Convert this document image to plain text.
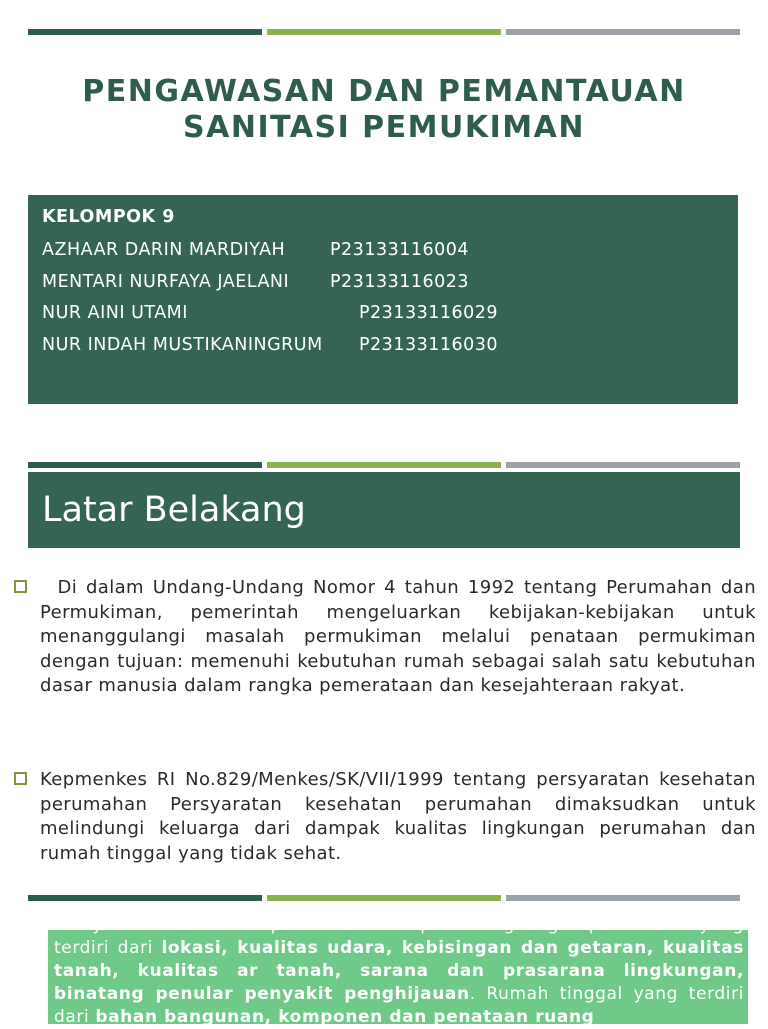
PENGAWASAN DAN PEMANTAUAN
SANITASI PEMUKIMAN
KELOMPOK 9
AZHAAR DARIN MARDIYAH	P23133116004
MENTARI NURFAYA JAELANI P23133116023
NUR AINI UTAMI	P23133116029
NUR INDAH MUSTIKANINGRUM P23133116030
Latar Belakang
Di dalam Undang-Undang Nomor 4 tahun 1992 tentang Perumahan dan Permukiman, pemerintah mengeluarkan kebijakan-kebijakan untuk menanggulangi masalah permukiman melalui penataan permukiman dengan tujuan: memenuhi kebutuhan rumah sebagai salah satu kebutuhan dasar manusia dalam rangka pemerataan dan kesejahteraan rakyat.
Kepmenkes RI No.829/Menkes/SK/VII/1999 tentang persyaratan kesehatan perumahan Persyaratan kesehatan perumahan dimaksudkan untuk melindungi keluarga dari dampak kualitas lingkungan perumahan dan rumah tinggal yang tidak sehat.
Persyaratan kesehatan perumahan meliputi : Lingkungan perumahan yang terdiri dari lokasi, kualitas udara, kebisingan dan getaran, kualitas tanah, kualitas ar tanah, sarana dan prasarana lingkungan, binatang penular penyakit penghijauan. Rumah tinggal yang terdiri dari bahan bangunan, komponen dan penataan ruang
